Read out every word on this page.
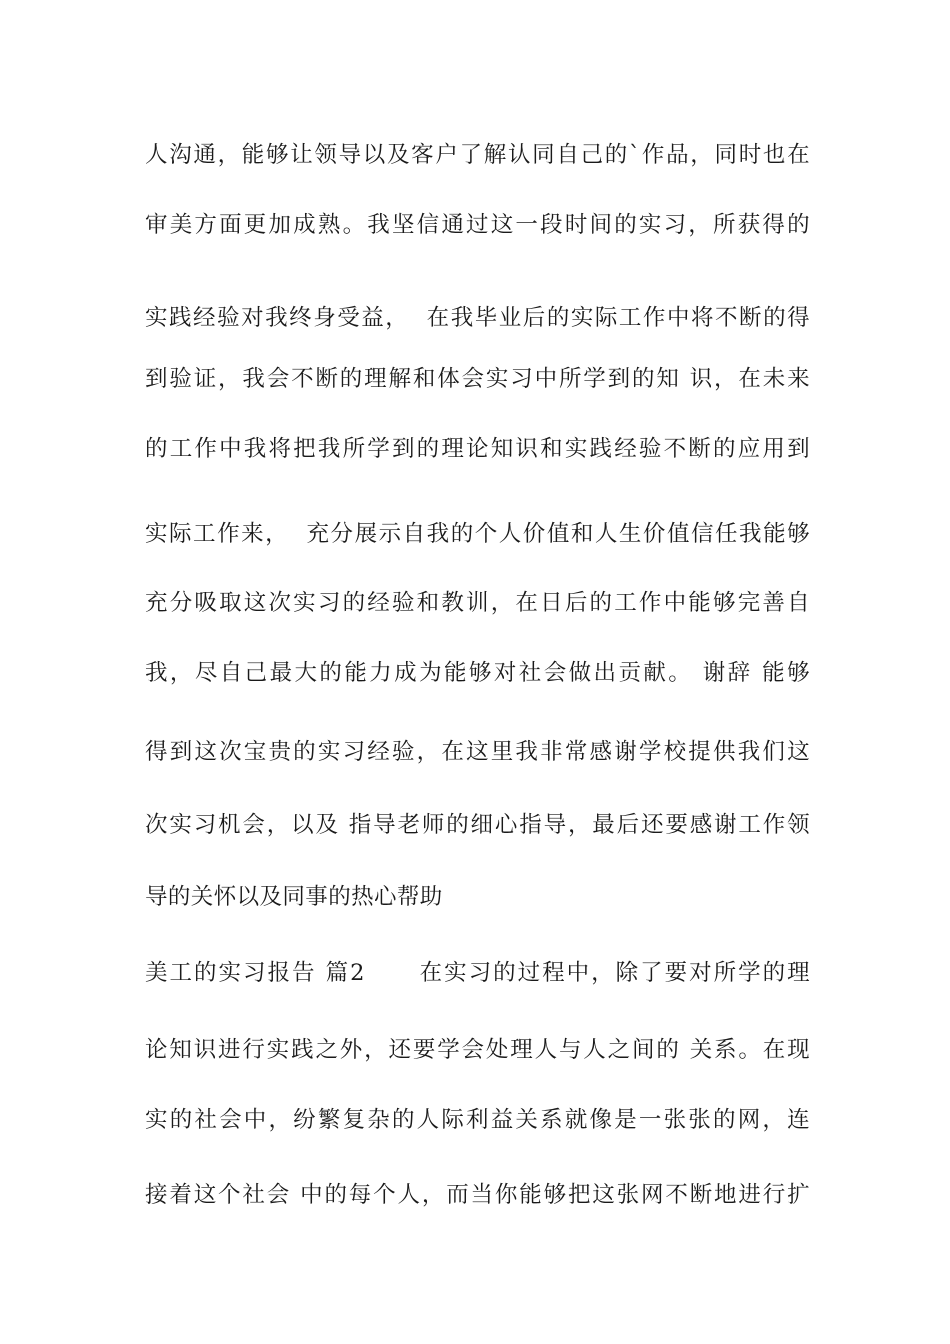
人沟通，能够让领导以及客户了解认同自己的`作品，同时也在

审美方面更加成熟。我坚信通过这一段时间的实习，所获得的

实践经验对我终身受益，  在我毕业后的实际工作中将不断的得

到验证，我会不断的理解和体会实习中所学到的知 识，在未来

的工作中我将把我所学到的理论知识和实践经验不断的应用到

实际工作来，  充分展示自我的个人价值和人生价值信任我能够

充分吸取这次实习的经验和教训，在日后的工作中能够完善自

我，尽自己最大的能力成为能够对社会做出贡献。 谢辞 能够

得到这次宝贵的实习经验，在这里我非常感谢学校提供我们这

次实习机会，以及 指导老师的细心指导，最后还要感谢工作领

导的关怀以及同事的热心帮助

美工的实习报告 篇2      在实习的过程中，除了要对所学的理

论知识进行实践之外，还要学会处理人与人之间的 关系。在现

实的社会中，纷繁复杂的人际利益关系就像是一张张的网，连

接着这个社会 中的每个人，而当你能够把这张网不断地进行扩
